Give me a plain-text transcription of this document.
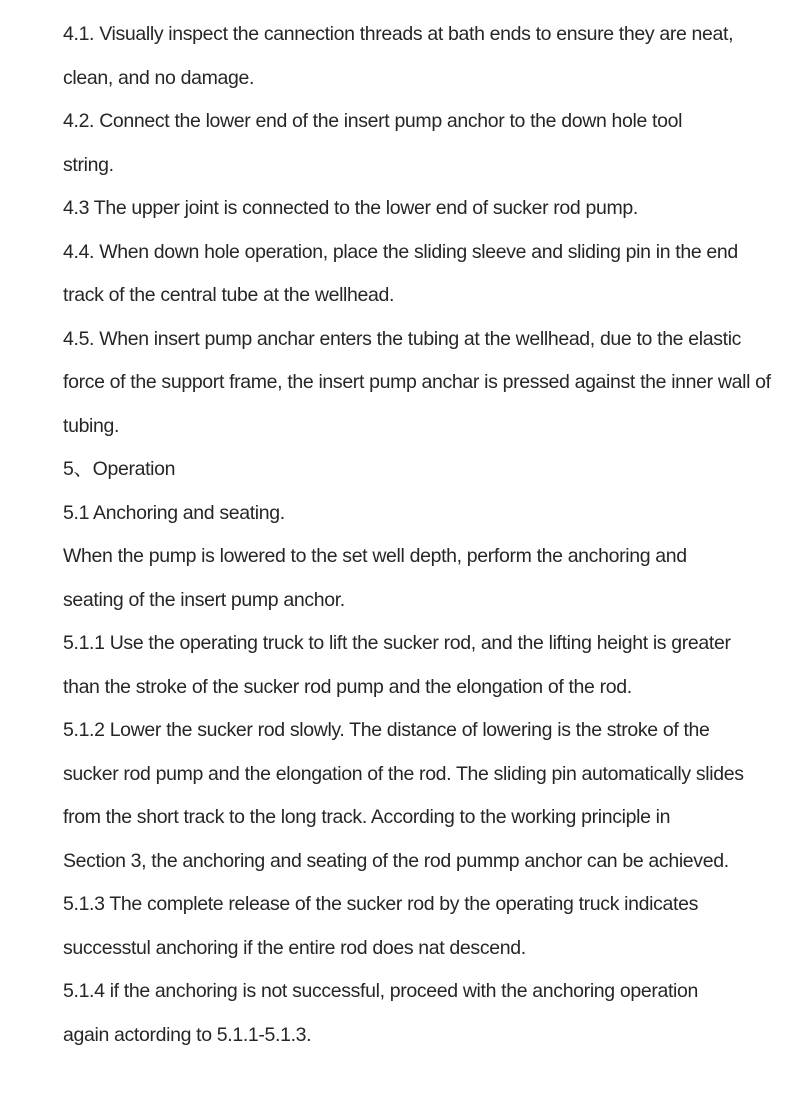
4.1. Visually inspect the cannection threads at bath ends to ensure they are neat,
clean, and no damage.
4.2. Connect the lower end of the insert pump anchor to the down hole tool
string.
4.3 The upper joint is connected to the lower end of sucker rod pump.
4.4. When down hole operation, place the sliding sleeve and sliding pin in the end
track of the central tube at the wellhead.
4.5. When insert pump anchar enters the tubing at the wellhead, due to the elastic
force of the support frame, the insert pump anchar is pressed against the inner wall of
tubing.
5、Operation
5.1 Anchoring and seating.
When the pump is lowered to the set well depth, perform the anchoring and
seating of the insert pump anchor.
5.1.1 Use the operating truck to lift the sucker rod, and the lifting height is greater
than the stroke of the sucker rod pump and the elongation of the rod.
5.1.2 Lower the sucker rod slowly. The distance of lowering is the stroke of the
sucker rod pump and the elongation of the rod. The sliding pin automatically slides
from the short track to the long track. According to the working principle in
Section 3, the anchoring and seating of the rod pummp anchor can be achieved.
5.1.3 The complete release of the sucker rod by the operating truck indicates
successtul anchoring if the entire rod does nat descend.
5.1.4 if the anchoring is not successful, proceed with the anchoring operation
again actording to 5.1.1-5.1.3.
